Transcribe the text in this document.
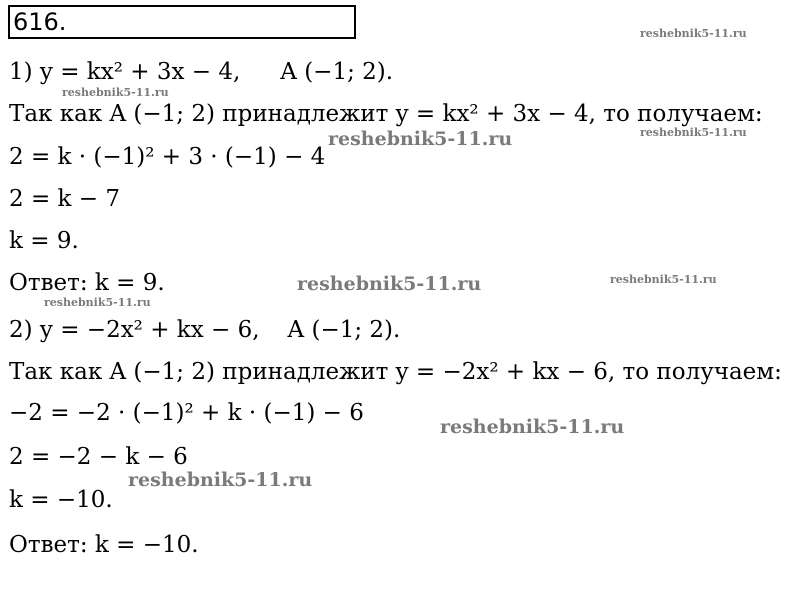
616.
1) y = kx² + 3x − 4, A (−1; 2).
Так как A (−1; 2) принадлежит y = kx² + 3x − 4, то получаем:
2 = k · (−1)² + 3 · (−1) − 4
2 = k − 7
k = 9.
Ответ: k = 9.
2) y = −2x² + kx − 6, A (−1; 2).
Так как A (−1; 2) принадлежит y = −2x² + kx − 6, то получаем:
−2 = −2 · (−1)² + k · (−1) − 6
2 = −2 − k − 6
k = −10.
Ответ: k = −10.
reshebnik5-11.ru
reshebnik5-11.ru
reshebnik5-11.ru	reshebnik5-11.ru
reshebnik5-11.ru	reshebnik5-11.ru
reshebnik5-11.ru
reshebnik5-11.ru
reshebnik5-11.ru
